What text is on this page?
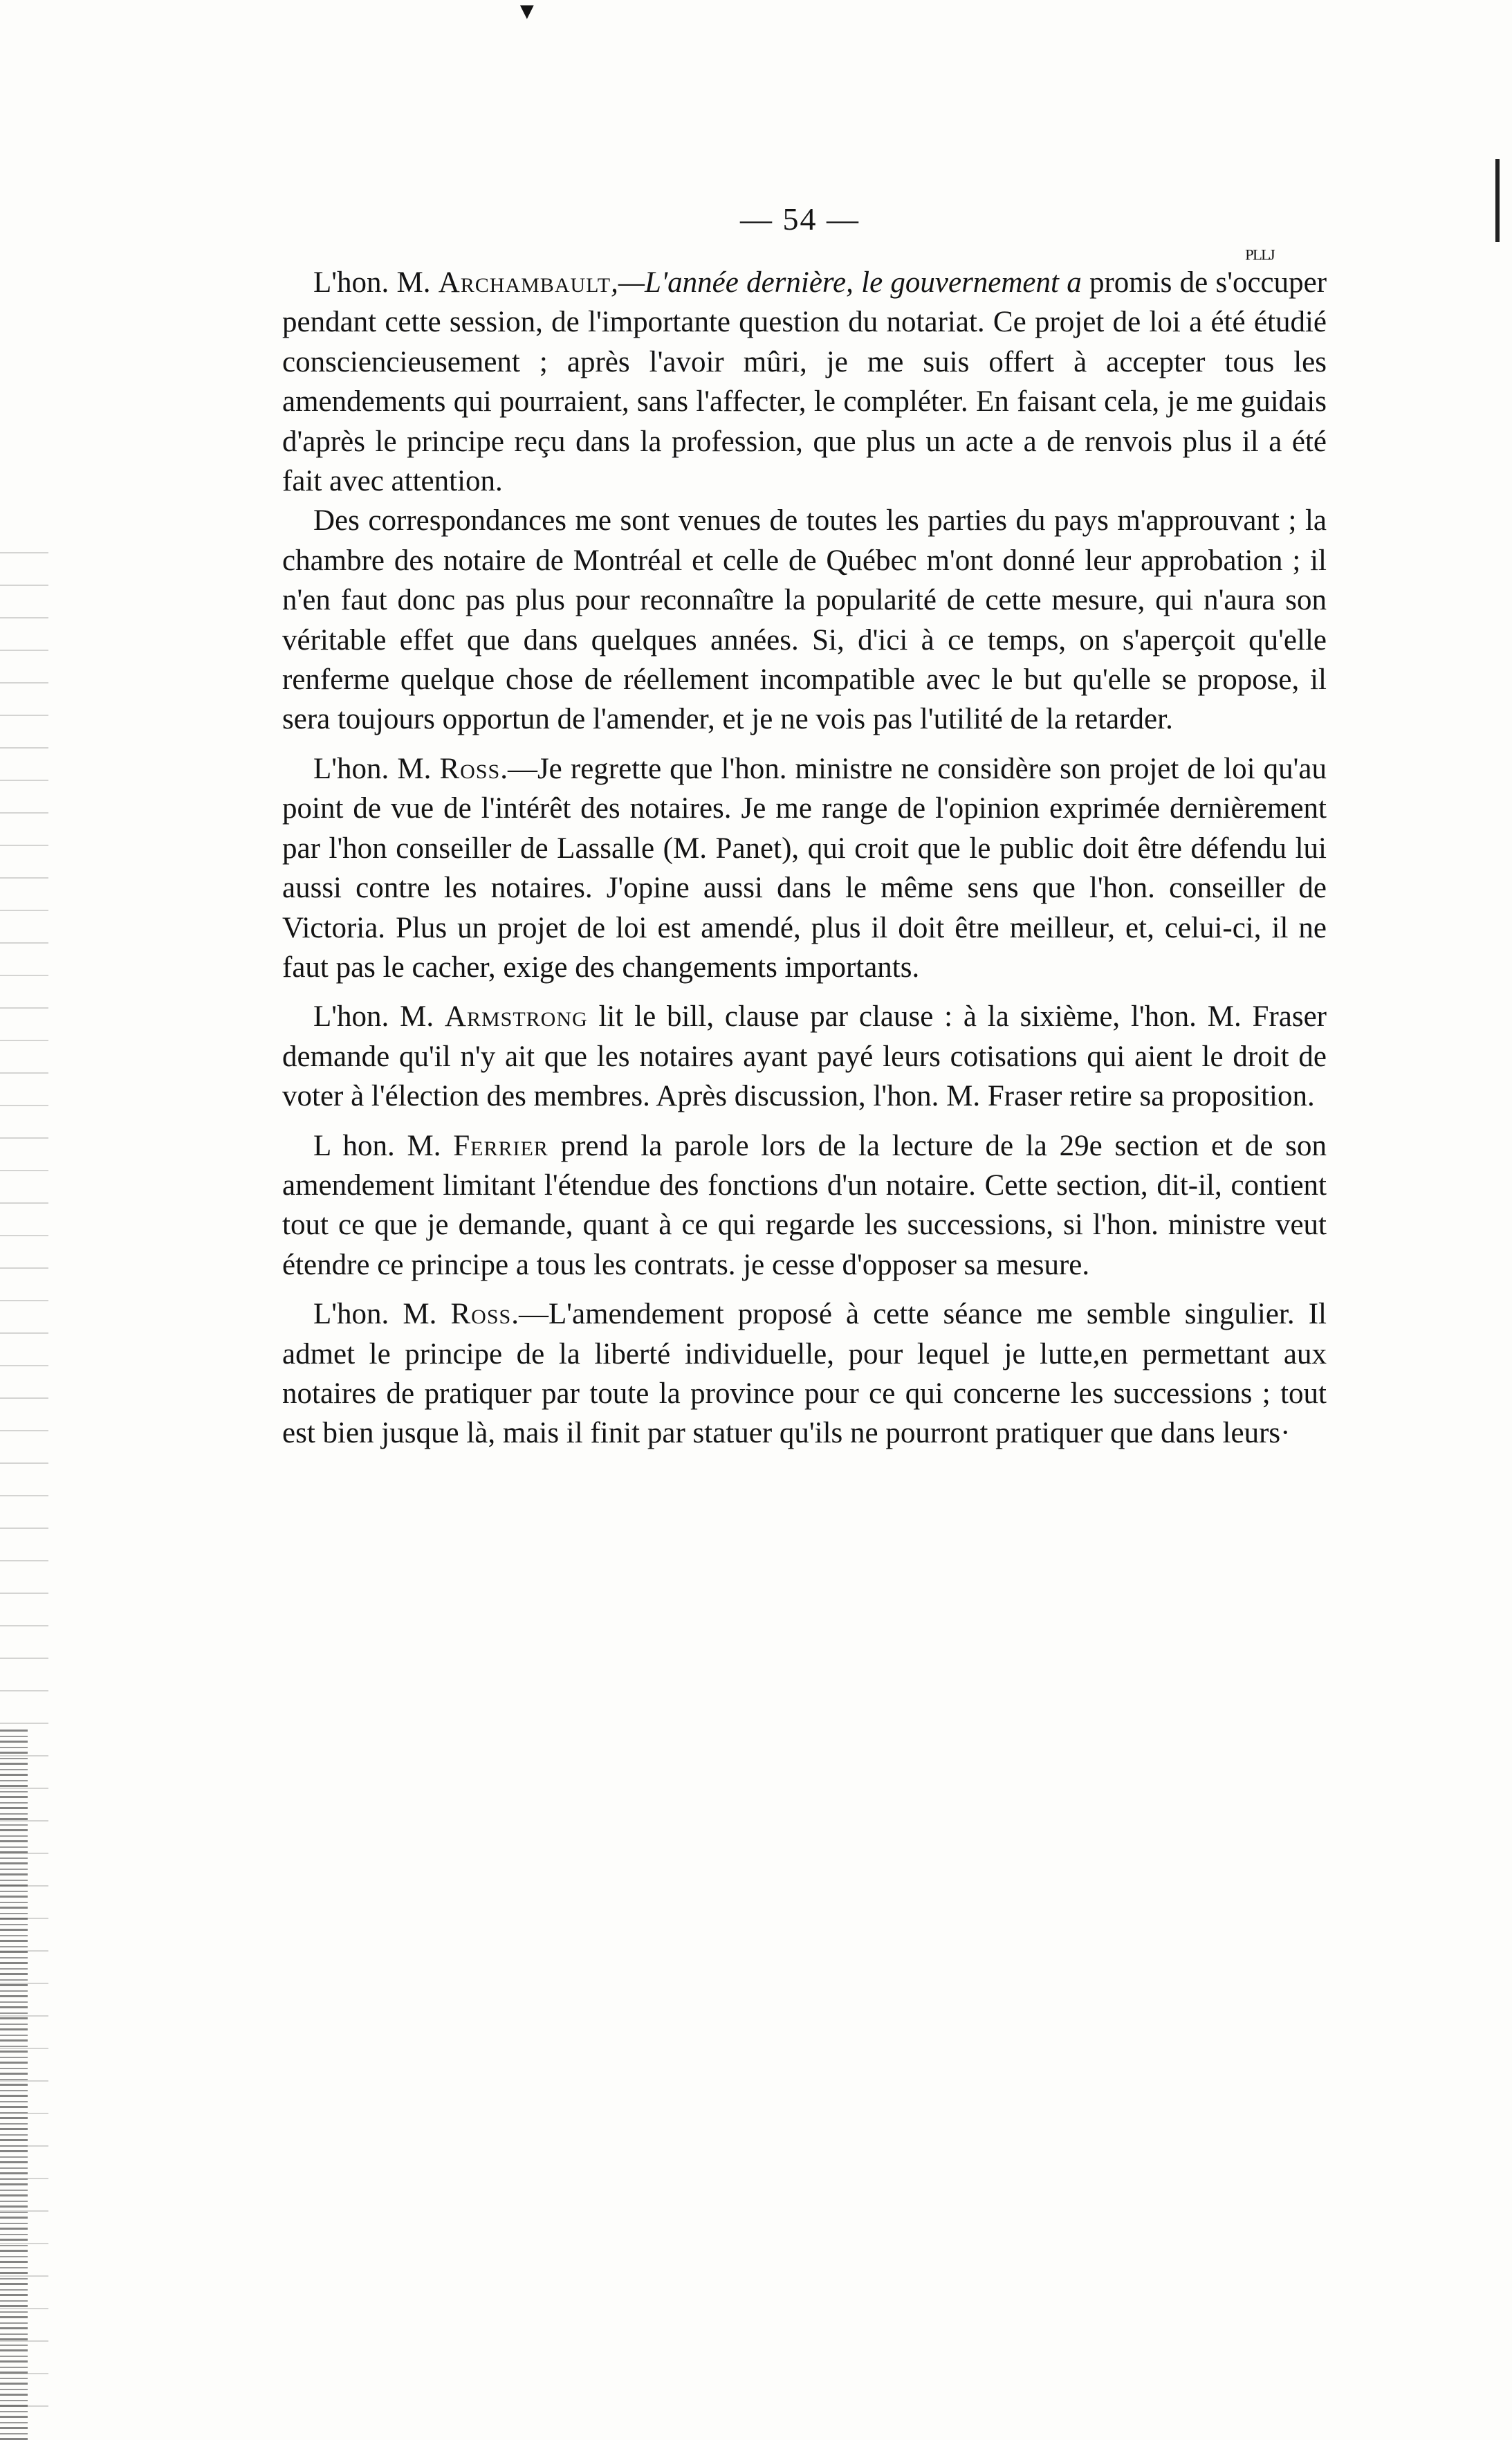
▼
— 54 —
ᴾᴸᴸᴶ

L'hon. M. Archambault,—L'année dernière, le gouvernement a promis de s'occuper pendant cette session, de l'importante question du notariat. Ce projet de loi a été étudié consciencieusement ; après l'avoir mûri, je me suis offert à accepter tous les amendements qui pourraient, sans l'affecter, le compléter. En faisant cela, je me guidais d'après le principe reçu dans la profession, que plus un acte a de renvois plus il a été fait avec attention.

Des correspondances me sont venues de toutes les parties du pays m'approuvant ; la chambre des notaire de Montréal et celle de Québec m'ont donné leur approbation ; il n'en faut donc pas plus pour reconnaître la popularité de cette mesure, qui n'aura son véritable effet que dans quelques années. Si, d'ici à ce temps, on s'aperçoit qu'elle renferme quelque chose de réellement incompatible avec le but qu'elle se propose, il sera toujours opportun de l'amender, et je ne vois pas l'utilité de la retarder.

L'hon. M. Ross.—Je regrette que l'hon. ministre ne considère son projet de loi qu'au point de vue de l'intérêt des notaires. Je me range de l'opinion exprimée dernièrement par l'hon conseiller de Lassalle (M. Panet), qui croit que le public doit être défendu lui aussi contre les notaires. J'opine aussi dans le même sens que l'hon. conseiller de Victoria. Plus un projet de loi est amendé, plus il doit être meilleur, et, celui-ci, il ne faut pas le cacher, exige des changements importants.

L'hon. M. Armstrong lit le bill, clause par clause : à la sixième, l'hon. M. Fraser demande qu'il n'y ait que les notaires ayant payé leurs cotisations qui aient le droit de voter à l'élection des membres. Après discussion, l'hon. M. Fraser retire sa proposition.

L hon. M. Ferrier prend la parole lors de la lecture de la 29e section et de son amendement limitant l'étendue des fonctions d'un notaire. Cette section, dit-il, contient tout ce que je demande, quant à ce qui regarde les successions, si l'hon. ministre veut étendre ce principe a tous les contrats. je cesse d'opposer sa mesure.

L'hon. M. Ross.—L'amendement proposé à cette séance me semble singulier. Il admet le principe de la liberté individuelle, pour lequel je lutte,en permettant aux notaires de pratiquer par toute la province pour ce qui concerne les successions ; tout est bien jusque là, mais il finit par statuer qu'ils ne pourront pratiquer que dans leurs·
